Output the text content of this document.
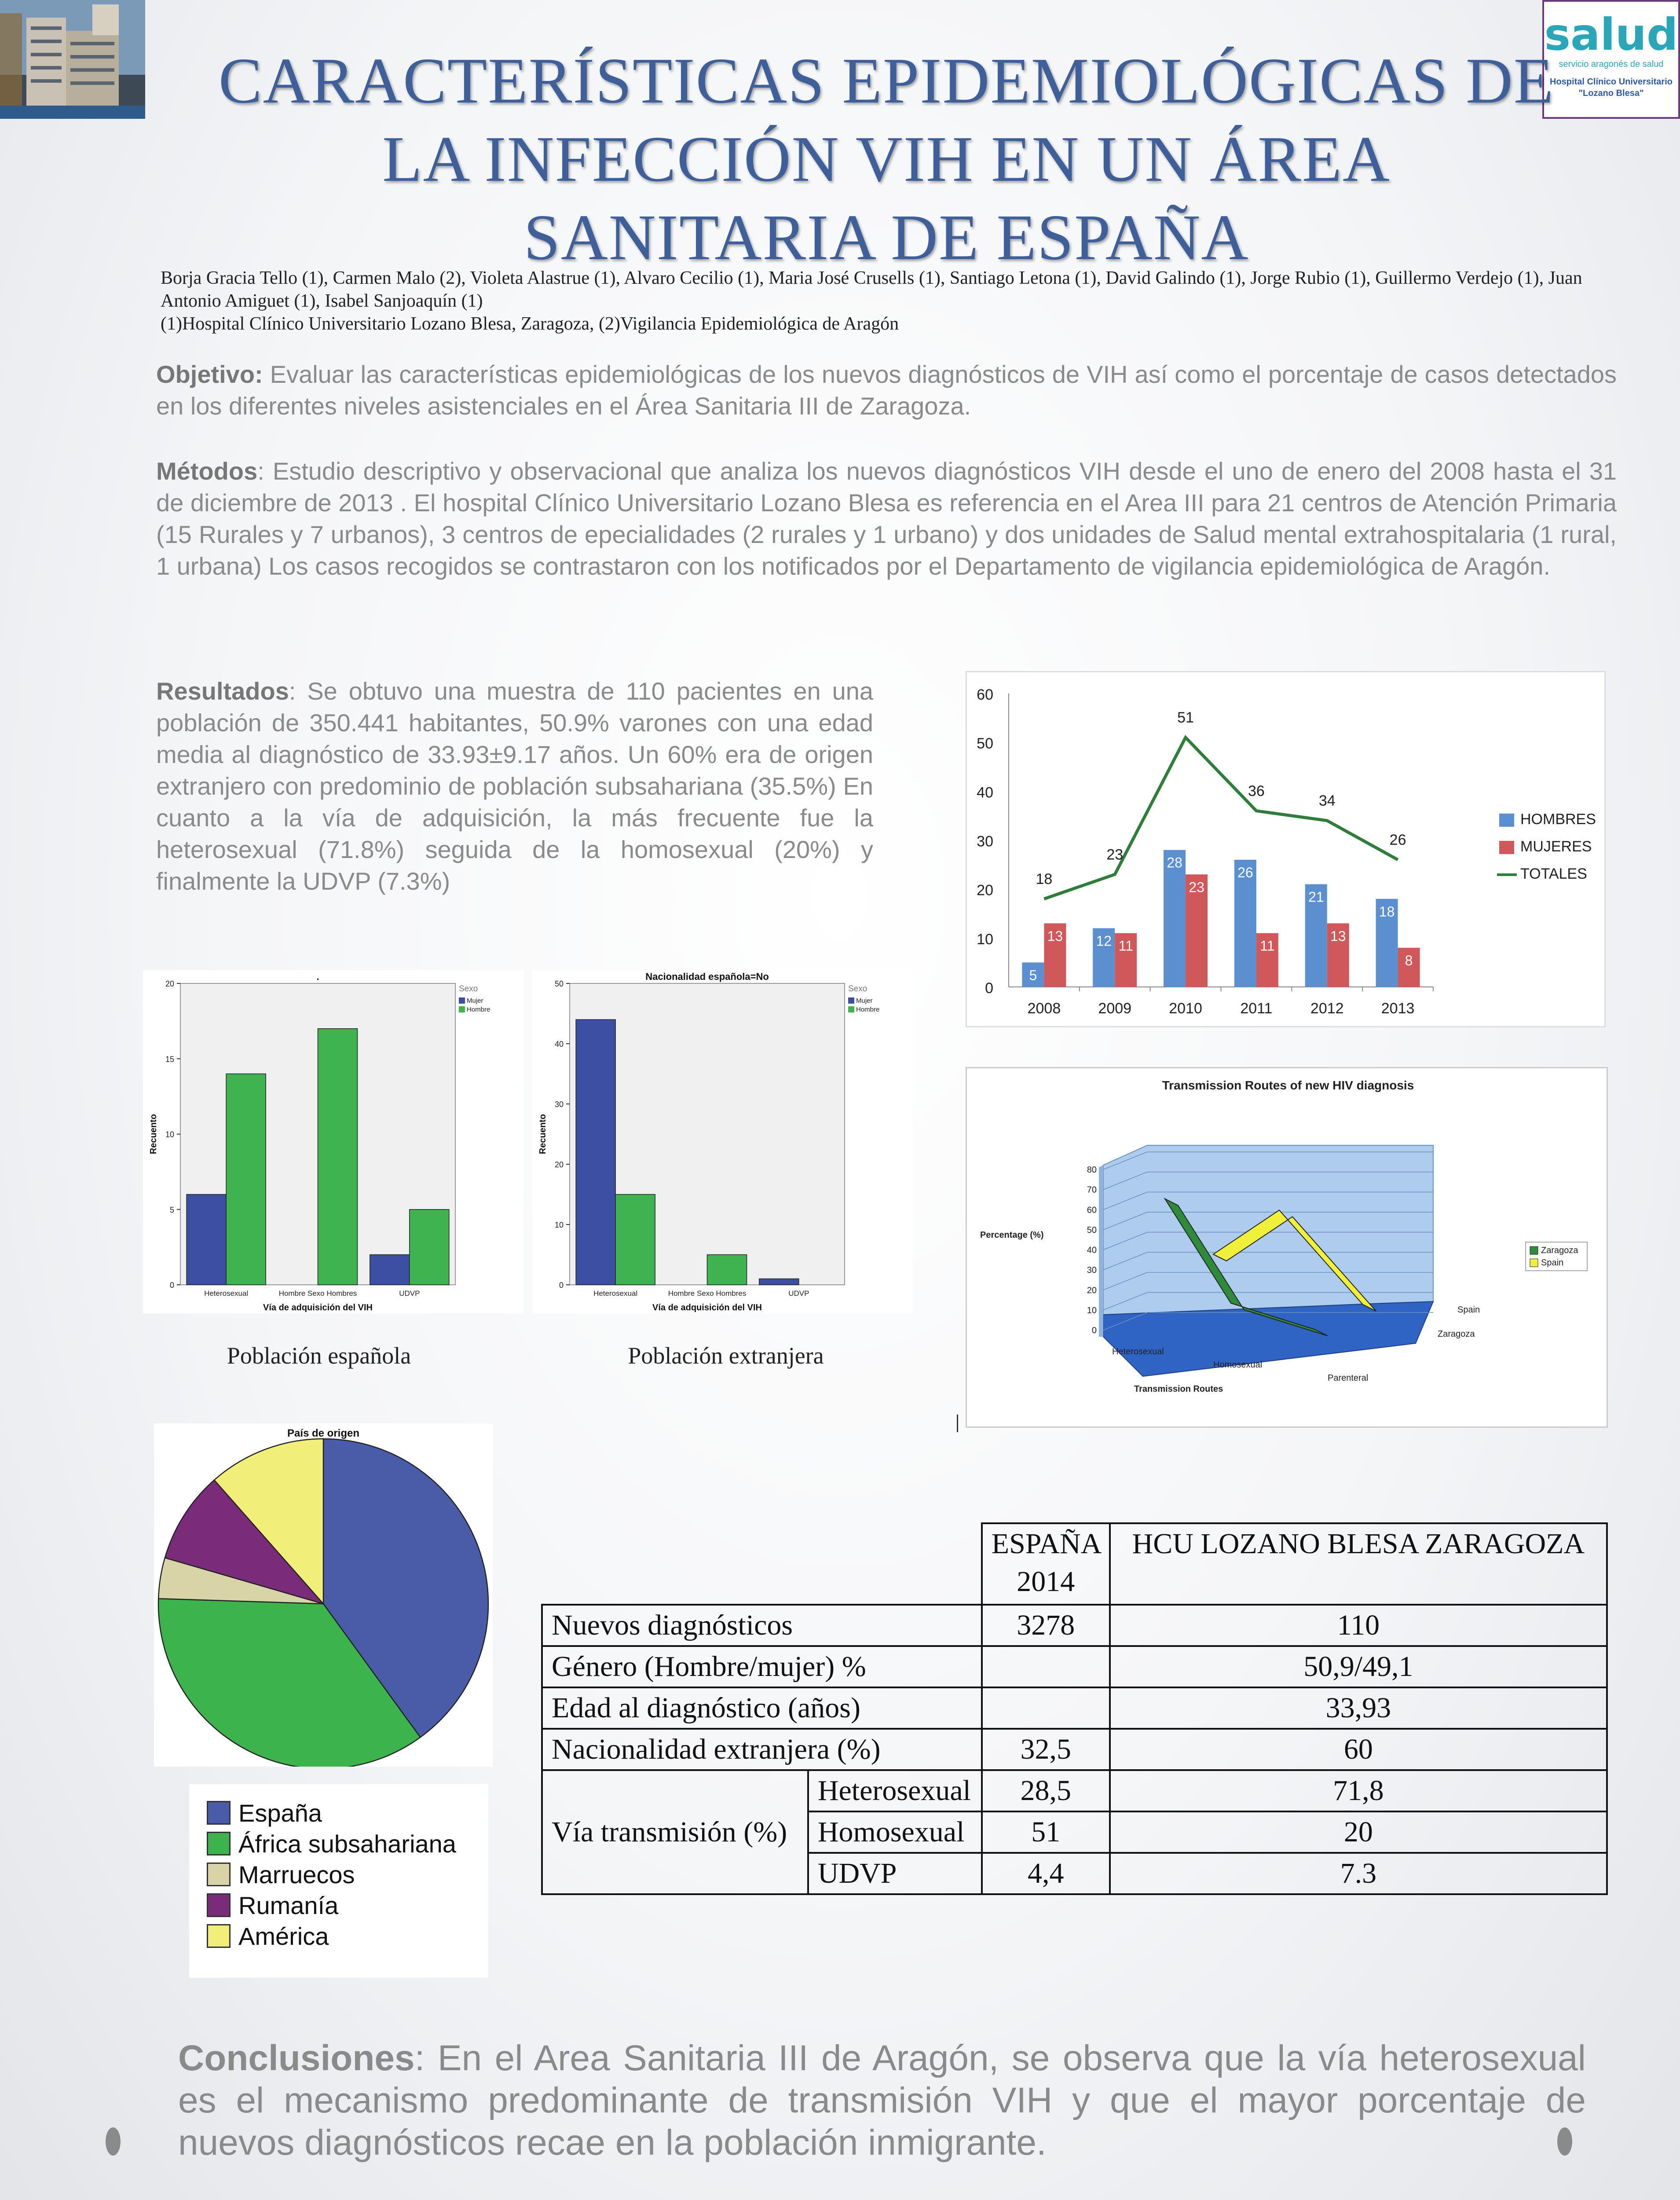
salud
servicio aragonés de salud
Hospital Clínico Universitario
"Lozano Blesa"
CARACTERÍSTICAS EPIDEMIOLÓGICAS DE
LA INFECCIÓN VIH EN UN ÁREA
SANITARIA DE ESPAÑA
Borja Gracia Tello (1), Carmen Malo (2), Violeta Alastrue (1), Alvaro Cecilio (1), Maria José Crusells (1), Santiago Letona (1), David Galindo (1), Jorge Rubio (1), Guillermo Verdejo (1), Juan Antonio Amiguet (1), Isabel Sanjoaquín (1)
(1)Hospital Clínico Universitario Lozano Blesa, Zaragoza, (2)Vigilancia Epidemiológica de Aragón
Objetivo: Evaluar las características epidemiológicas de los nuevos diagnósticos de VIH así como el porcentaje de casos detectados en los diferentes niveles asistenciales en el Área Sanitaria III de Zaragoza.
Métodos: Estudio descriptivo y observacional que analiza los nuevos diagnósticos VIH desde el uno de enero del 2008 hasta el 31 de diciembre de 2013 . El hospital Clínico Universitario Lozano Blesa es referencia en el Area III para 21 centros de Atención Primaria (15 Rurales y 7 urbanos), 3 centros de epecialidades (2 rurales y 1 urbano) y dos unidades de Salud mental extrahospitalaria (1 rural, 1 urbana) Los casos recogidos se contrastaron con los notificados por el Departamento de vigilancia epidemiológica de Aragón.
Resultados: Se obtuvo una muestra de 110 pacientes en una población de 350.441 habitantes, 50.9% varones con una edad media al diagnóstico de 33.93±9.17 años. Un 60% era de origen extranjero con predominio de población subsahariana (35.5%) En cuanto a la vía de adquisición, la más frecuente fue la heterosexual (71.8%) seguida de la homosexual (20%) y finalmente la UDVP (7.3%)
0
10
20
30
40
50
60
2008
5
13
2009
12 11
2010
28
23
2011
26
11
2012
21
13
2013
18
8
18
23
51
36
34
26
HOMBRES
MUJERES
TOTALES
.
0
5
10
15
20
Recuento
Heterosexual	Hombre Sexo Hombres	UDVP
Vía de adquisición del VIH
Sexo
Mujer
Hombre
Población española
Nacionalidad española=No
0
10
20
30
40
50
Recuento
Heterosexual	Hombre Sexo Hombres	UDVP
Vía de adquisición del VIH
Sexo
Mujer
Hombre
Población extranjera
Transmission Routes of new HIV diagnosis
0
10
20
30
40
50
60
70
80
Percentage (%)
Heterosexual
Homosexual
Parenteral
Transmission Routes
Spain
Zaragoza
Zaragoza
Spain
País de origen
España
África subsahariana
Marruecos
Rumanía
América
		ESPAÑA 2014	HCU LOZANO BLESA ZARAGOZA
Nuevos diagnósticos		3278	110
Género (Hombre/mujer) %			50,9/49,1
Edad al diagnóstico (años)			33,93
Nacionalidad extranjera (%)		32,5	60
Vía transmisión (%)	Heterosexual	28,5	71,8
	Homosexual	51	20
	UDVP	4,4	7.3
Conclusiones: En el Area Sanitaria III de Aragón, se observa que la vía heterosexual es el mecanismo predominante de transmisión VIH y que el mayor porcentaje de nuevos diagnósticos recae en la población inmigrante.
